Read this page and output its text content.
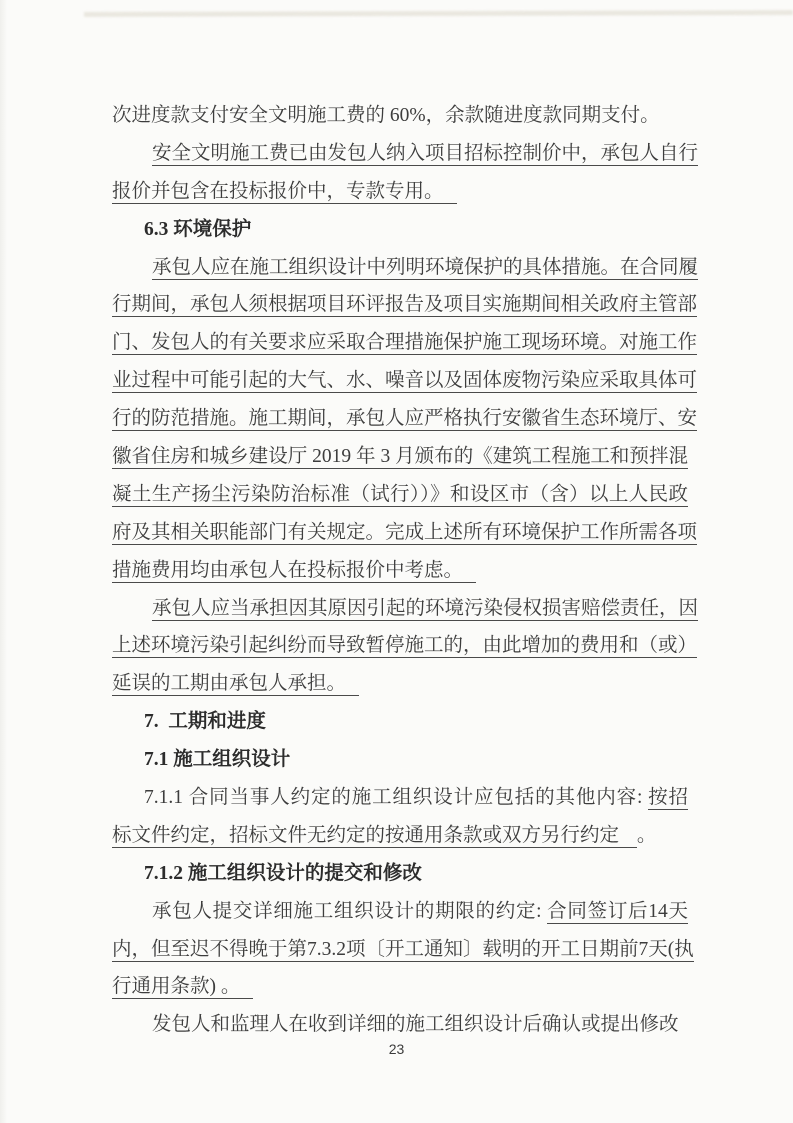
次进度款支付安全文明施工费的 60%，余款随进度款同期支付。
安全文明施工费已由发包人纳入项目招标控制价中，承包人自行
报价并包含在投标报价中，专款专用。
6.3 环境保护
承包人应在施工组织设计中列明环境保护的具体措施。在合同履
行期间，承包人须根据项目环评报告及项目实施期间相关政府主管部
门、发包人的有关要求应采取合理措施保护施工现场环境。对施工作
业过程中可能引起的大气、水、噪音以及固体废物污染应采取具体可
行的防范措施。施工期间，承包人应严格执行安徽省生态环境厅、安
徽省住房和城乡建设厅 2019 年 3 月颁布的《建筑工程施工和预拌混
凝土生产扬尘污染防治标准（试行））》和设区市（含）以上人民政
府及其相关职能部门有关规定。完成上述所有环境保护工作所需各项
措施费用均由承包人在投标报价中考虑。
承包人应当承担因其原因引起的环境污染侵权损害赔偿责任，因
上述环境污染引起纠纷而导致暂停施工的，由此增加的费用和（或）
延误的工期由承包人承担。
7.  工期和进度
7.1 施工组织设计
7.1.1 合同当事人约定的施工组织设计应包括的其他内容: 按招
标文件约定，招标文件无约定的按通用条款或双方另行约定 。
7.1.2 施工组织设计的提交和修改
承包人提交详细施工组织设计的期限的约定: 合同签订后14天
内，但至迟不得晚于第7.3.2项〔开工通知〕载明的开工日期前7天(执
行通用条款) 。
发包人和监理人在收到详细的施工组织设计后确认或提出修改
23
